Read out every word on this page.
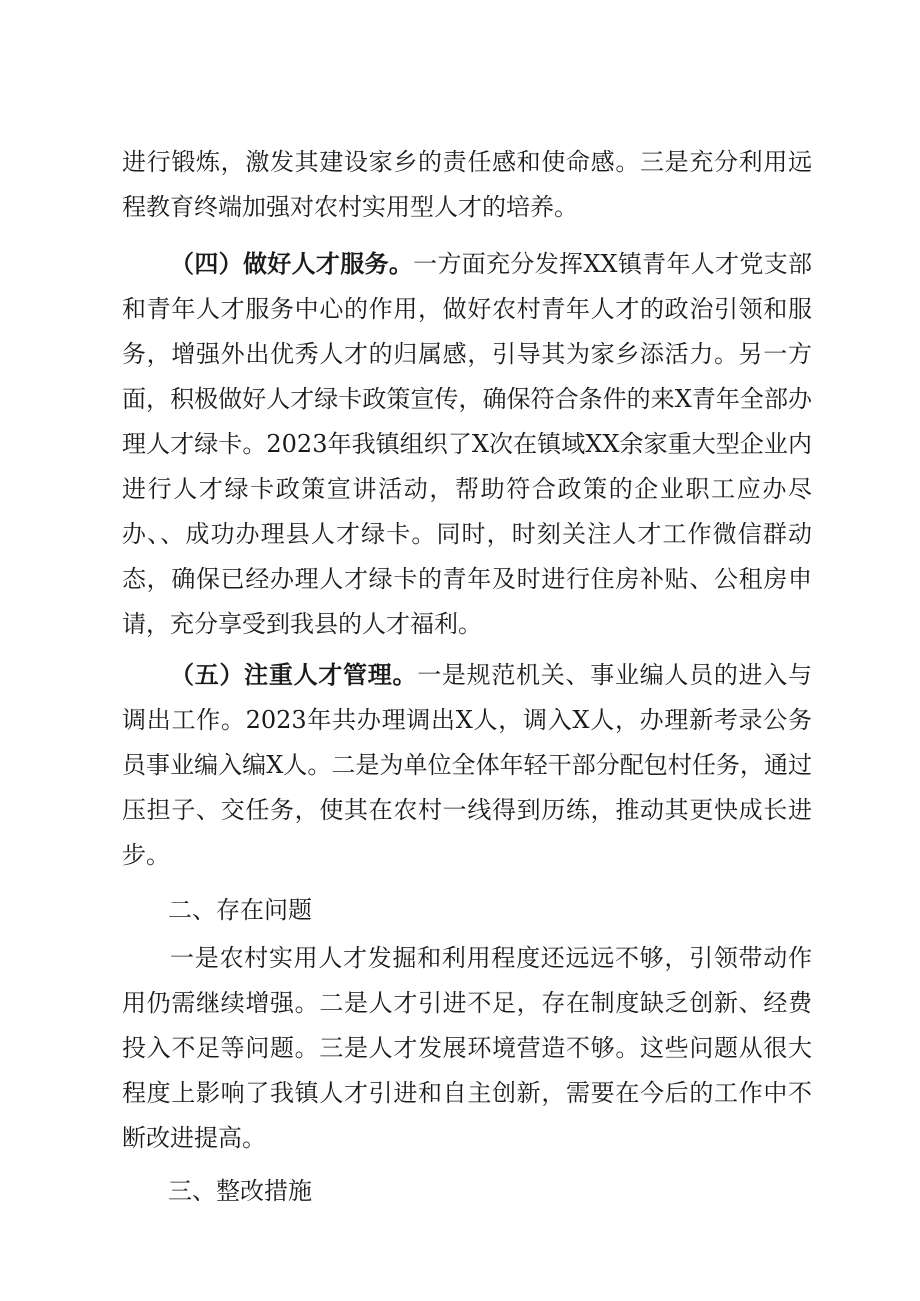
进行锻炼，激发其建设家乡的责任感和使命感。三是充分利用远程教育终端加强对农村实用型人才的培养。

（四）做好人才服务。一方面充分发挥XX镇青年人才党支部和青年人才服务中心的作用，做好农村青年人才的政治引领和服务，增强外出优秀人才的归属感，引导其为家乡添活力。另一方面，积极做好人才绿卡政策宣传，确保符合条件的来X青年全部办理人才绿卡。2023年我镇组织了X次在镇域XX余家重大型企业内进行人才绿卡政策宣讲活动，帮助符合政策的企业职工应办尽办、、成功办理县人才绿卡。同时，时刻关注人才工作微信群动态，确保已经办理人才绿卡的青年及时进行住房补贴、公租房申请，充分享受到我县的人才福利。

（五）注重人才管理。一是规范机关、事业编人员的进入与调出工作。2023年共办理调出X人，调入X人，办理新考录公务员事业编入编X人。二是为单位全体年轻干部分配包村任务，通过压担子、交任务，使其在农村一线得到历练，推动其更快成长进步。

二、存在问题

一是农村实用人才发掘和利用程度还远远不够，引领带动作用仍需继续增强。二是人才引进不足，存在制度缺乏创新、经费投入不足等问题。三是人才发展环境营造不够。这些问题从很大程度上影响了我镇人才引进和自主创新，需要在今后的工作中不断改进提高。

三、整改措施
